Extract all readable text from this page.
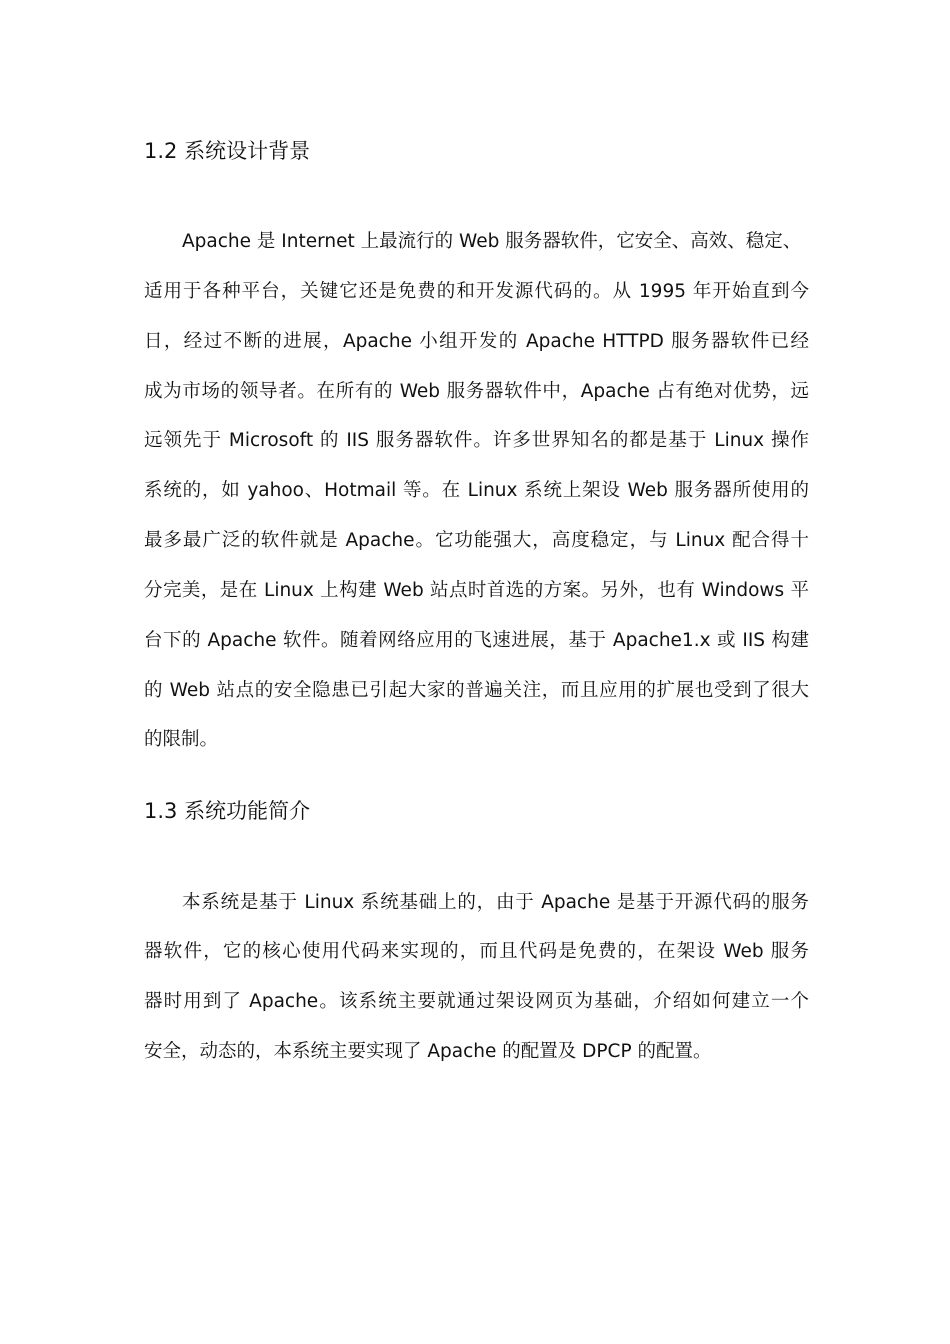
1.2 系统设计背景
Apache 是 Internet 上最流行的 Web 服务器软件，它安全、高效、稳定、
适用于各种平台，关键它还是免费的和开发源代码的。从 1995 年开始直到今
日，经过不断的进展，Apache 小组开发的 Apache HTTPD 服务器软件已经
成为市场的领导者。在所有的 Web 服务器软件中，Apache 占有绝对优势，远
远领先于 Microsoft 的 IIS 服务器软件。许多世界知名的都是基于 Linux 操作
系统的，如 yahoo、Hotmail 等。在 Linux 系统上架设 Web 服务器所使用的
最多最广泛的软件就是 Apache。它功能强大，高度稳定，与 Linux 配合得十
分完美，是在 Linux 上构建 Web 站点时首选的方案。另外，也有 Windows 平
台下的 Apache 软件。随着网络应用的飞速进展，基于 Apache1.x 或 IIS 构建
的 Web 站点的安全隐患已引起大家的普遍关注，而且应用的扩展也受到了很大
的限制。
1.3 系统功能简介
本系统是基于 Linux 系统基础上的，由于 Apache 是基于开源代码的服务
器软件，它的核心使用代码来实现的，而且代码是免费的，在架设 Web 服务
器时用到了 Apache。该系统主要就通过架设网页为基础，介绍如何建立一个
安全，动态的，本系统主要实现了 Apache 的配置及 DPCP 的配置。
